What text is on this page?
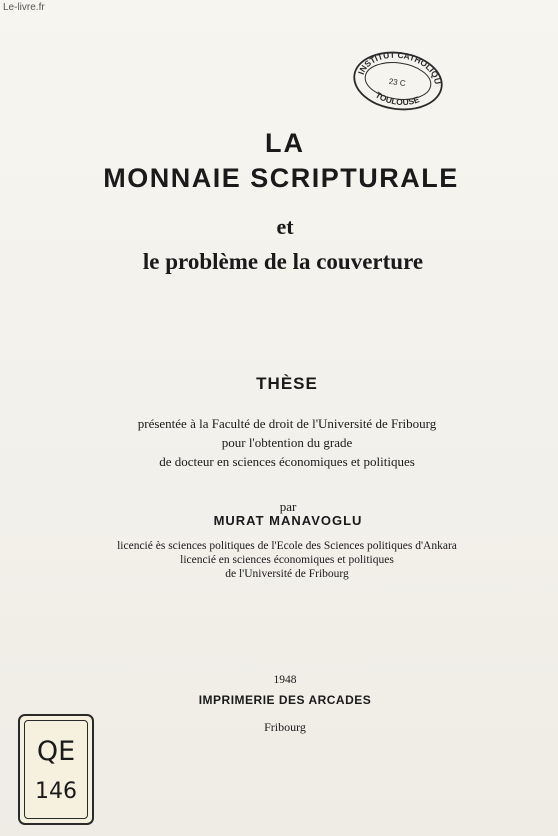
Le-livre.fr
INSTITUT CATHOLIQUE
TOULOUSE
23 C
LA
MONNAIE SCRIPTURALE
et
le problème de la couverture
THÈSE
présentée à la Faculté de droit de l'Université de Fribourg
pour l'obtention du grade
de docteur en sciences économiques et politiques
par
MURAT MANAVOGLU
licencié ès sciences politiques de l'Ecole des Sciences politiques d'Ankara
licencié en sciences économiques et politiques
de l'Université de Fribourg
1948
IMPRIMERIE DES ARCADES
Fribourg
QE
146
